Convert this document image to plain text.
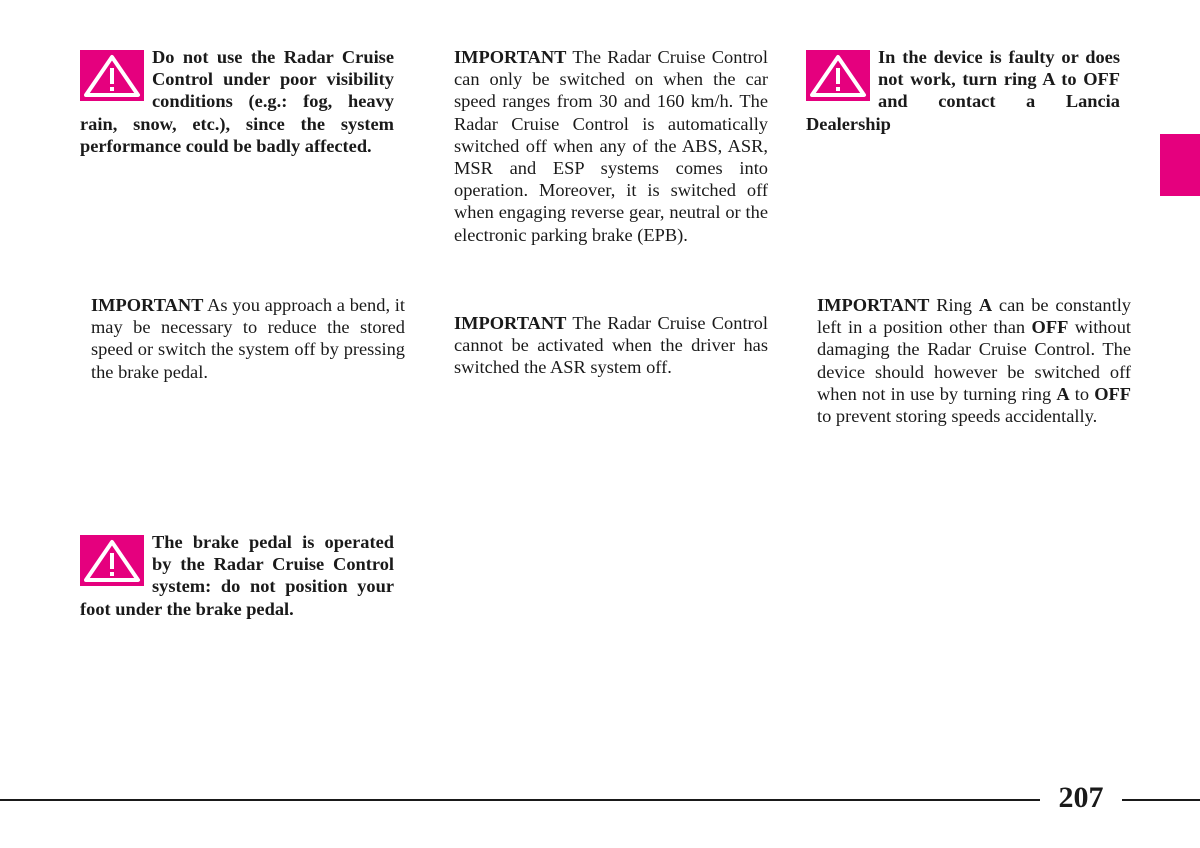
Do not use the Radar Cruise Control under poor visibility conditions (e.g.: fog, heavy rain, snow, etc.), since the system performance could be badly affected.

IMPORTANT As you approach a bend, it may be necessary to reduce the stored speed or switch the system off by pressing the brake pedal.

The brake pedal is operated by the Radar Cruise Control system: do not position your foot under the brake pedal.

IMPORTANT The Radar Cruise Control can only be switched on when the car speed ranges from 30 and 160 km/h. The Radar Cruise Control is automatically switched off when any of the ABS, ASR, MSR and ESP systems comes into operation. Moreover, it is switched off when engaging reverse gear, neutral or the electronic parking brake (EPB).

IMPORTANT The Radar Cruise Control cannot be activated when the driver has switched the ASR system off.

In the device is faulty or does not work, turn ring A to OFF and contact a Lancia Dealership

IMPORTANT Ring A can be constantly left in a position other than OFF without damaging the Radar Cruise Control. The device should however be switched off when not in use by turning ring A to OFF to prevent storing speeds accidentally.

207
